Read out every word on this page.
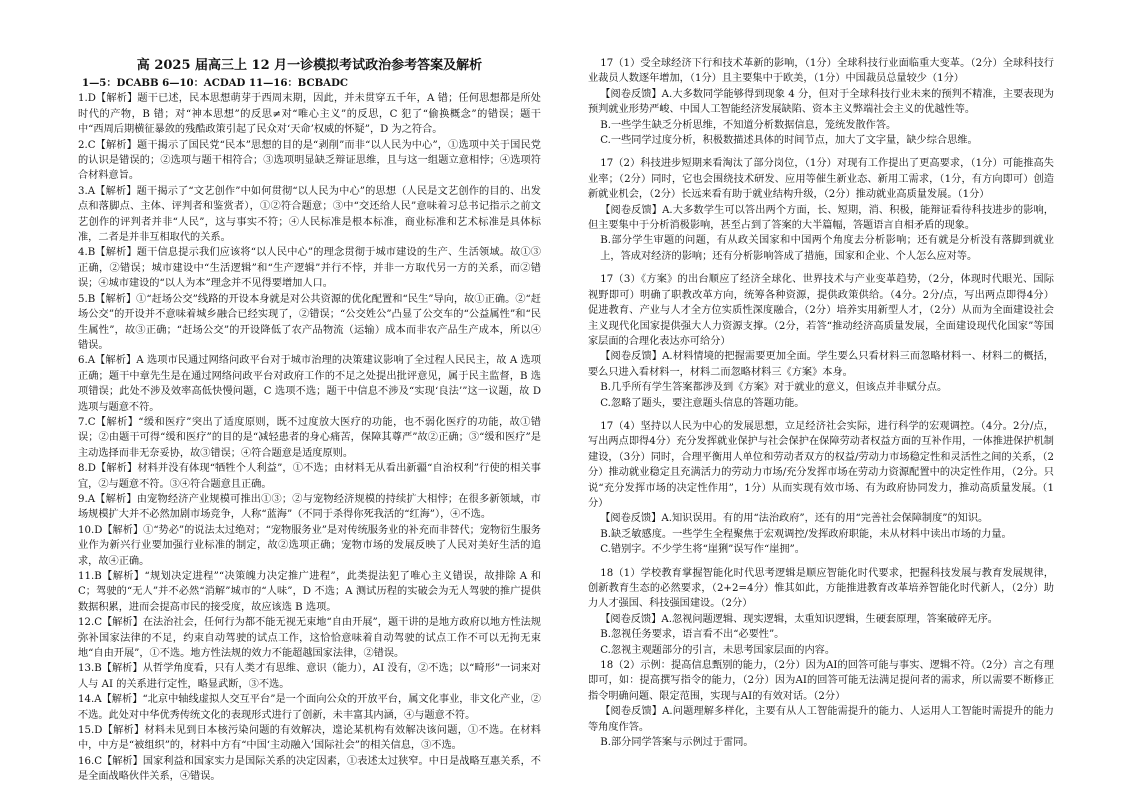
高 2025 届高三上 12 月一诊模拟考试政治参考答案及解析

1—5：DCABB 6—10：ACDAD 11—16：BCBADC

1.D【解析】题干已述，民本思想萌芽于西周末期，因此，并未贯穿五千年，A 错；任何思想都是所处时代的产物，B 错；对“神本思想”的反思≠对“唯心主义”的反思，C 犯了“偷换概念”的错误；题干中“西周后期横征暴敛的残酷政策引起了民众对‘天命’权威的怀疑”，D 为之符合。

2.C【解析】题干揭示了国民党“民本”思想的目的是“剥削”而非“以人民为中心”，①选项中关于国民党的认识是错误的；②选项与题干相符合；③选项明显缺乏辩证思维，且与这一组题立意相悖；④选项符合材料意旨。

3.A【解析】题干揭示了“文艺创作”中如何贯彻“以人民为中心”的思想（人民是文艺创作的目的、出发点和落脚点、主体、评判者和鉴赏者），①②符合题意；③中“交还给人民”意味着习总书记指示之前文艺创作的评判者并非“人民”，这与事实不符；④人民标准是根本标准，商业标准和艺术标准是具体标准，二者是并非互相取代的关系。

4.B【解析】题干信息提示我们应该将“以人民中心”的理念贯彻于城市建设的生产、生活领域。故①③正确，②错误；城市建设中“生活逻辑”和“生产逻辑”并行不悖，并非一方取代另一方的关系，而②错误；④城市建设的“以人为本”理念并不见得要增加人口。

5.B【解析】①“赶场公交”线路的开设本身就是对公共资源的优化配置和“民生”导向，故①正确。②“赶场公交”的开设并不意味着城乡融合已经实现了，②错误；“公交姓公”凸显了公交车的“公益属性”和“民生属性”，故③正确；“赶场公交”的开设降低了农产品物流（运输）成本而非农产品生产成本，所以④错误。

6.A【解析】A 选项市民通过网络问政平台对于城市治理的决策建议影响了全过程人民民主，故 A 选项正确；题干中章先生是在通过网络问政平台对政府工作的不足之处提出批评意见，属于民主监督，B 选项错误；此处不涉及效率高低快慢问题，C 选项不选；题干中信息不涉及“实现‘良法’”这一议题，故 D 选项与题意不符。

7.C【解析】“缓和医疗”突出了适度原则，既不过度放大医疗的功能，也不弱化医疗的功能，故①错误；②由题干可得“缓和医疗”的目的是“减轻患者的身心痛苦，保障其尊严”故②正确；③“缓和医疗”是主动选择而非无奈妥协，故③错误；④符合题意是适度原则。

8.D【解析】材料并没有体现“牺牲个人利益”，①不选；由材料无从看出新疆“自治权利”行使的相关事宜，②与题意不符。③④符合题意且正确。

9.A【解析】由宠物经济产业规模可推出①③；②与宠物经济规模的持续扩大相悖；在很多新领域，市场规模扩大并不必然加剧市场竞争，人称“蓝海”（不同于杀得你死我活的“红海”），④不选。

10.D【解析】①“势必”的说法太过绝对；“宠物服务业”是对传统服务业的补充而非替代；宠物衍生服务业作为新兴行业要加强行业标准的制定，故②选项正确；宠物市场的发展反映了人民对美好生活的追求，故④正确。

11.B【解析】“规划决定进程”“决策魄力决定推广进程”，此类提法犯了唯心主义错误，故排除 A 和 C；驾驶的“无人”并不必然“消解”城市的“人味”，D 不选；A 测试历程的实破会为无人驾驶的推广提供数据积累，进而会提高市民的接受度，故应该选 B 选项。

12.C【解析】在法治社会，任何行为都不能无视无束地“自由开展”，题干讲的是地方政府以地方性法规弥补国家法律的不足，约束自动驾驶的试点工作，这恰恰意味着自动驾驶的试点工作不可以无拘无束地“自由开展”，①不选。地方性法规的效力不能超越国家法律，②错误。

13.B【解析】从哲学角度看，只有人类才有思维、意识（能力），AI 没有，②不选；以“畸形”一词来对人与 AI 的关系进行定性，略显武断，③不选。

14.A【解析】“北京中轴线虚拟人交互平台”是一个面向公众的开放平台，属文化事业，非文化产业，②不选。此处对中华优秀传统文化的表现形式进行了创新，未丰富其内涵，④与题意不符。

15.D【解析】材料未见到日本核污染问题的有效解决，遑论某机构有效解决该问题，①不选。在材料中，中方是“被组织”的，材料中方有“中国‘主动融入’国际社会”的相关信息，③不选。

16.C【解析】国家利益和国家实力是国际关系的决定因素，①表述太过狭窄。中日是战略互惠关系，不是全面战略伙伴关系，④错误。

17（1）受全球经济下行和技术革新的影响，（1分）全球科技行业面临重大变革。（2分）全球科技行业裁员人数逐年增加，（1分）且主要集中于欧美，（1分）中国裁员总量较少（1分）

【阅卷反馈】A.大多数同学能够得到现象 4 分，但对于全球科技行业未来的预判不精准，主要表现为预判就业形势严峻、中国人工智能经济发展缺陷、资本主义弊端社会主义的优越性等。

B.一些学生缺乏分析思维，不知道分析数据信息，笼统发散作答。

C.一些同学过度分析，积极数描述具体的时间节点，加大了文字量，缺少综合思维。

17（2）科技进步短期来看淘汰了部分岗位，（1分）对现有工作提出了更高要求，（1分）可能推高失业率；（2分）同时，它也会围绕技术研发、应用等催生新业态、新用工需求，（1分，有方向即可）创造新就业机会，（2分）长远来看有助于就业结构升级，（2分）推动就业高质量发展。（1分）

【阅卷反馈】A.大多数学生可以答出两个方面，长、短期，消、积极，能辩证看待科技进步的影响，但主要集中于分析消极影响，甚至占到了答案的大半篇幅，答题语言自相矛盾的现象。

B.部分学生审题的问题，有从政关国家和中国两个角度去分析影响；还有就是分析没有落脚到就业上，答成对经济的影响；还有分析影响答成了措施，国家和企业、个人怎么应对等。

17（3）《方案》的出台顺应了经济全球化、世界技术与产业变革趋势，（2分，体现时代眼光、国际视野即可）明确了职教改革方向，统筹各种资源，提供政策供给。（4分。2分/点，写出两点即得4分）促进教育、产业与人才全方位实质性深度融合，（2分）培养实用新型人才，（2分）从而为全面建设社会主义现代化国家提供强大人力资源支撑。（2分，若答“推动经济高质量发展，全面建设现代化国家”等国家层面的合理化表达亦可给分）

【阅卷反馈】A.材料情境的把握需要更加全面。学生要么只看材料三而忽略材料一、材料二的概括，要么只进入看材料一，材料二而忽略材料三《方案》本身。

B.几乎所有学生答案都涉及到《方案》对于就业的意义，但该点并非赋分点。

C.忽略了题头，要注意题头信息的答题功能。

17（4）坚持以人民为中心的发展思想，立足经济社会实际，进行科学的宏观调控。（4分。2分/点，写出两点即得4分）充分发挥就业保护与社会保护在保障劳动者权益方面的互补作用，一体推进保护机制建设，（3分）同时，合理平衡用人单位和劳动者双方的权益/劳动力市场稳定性和灵活性之间的关系，（2分）推动就业稳定且充满活力的劳动力市场/充分发挥市场在劳动力资源配置中的决定性作用，（2分。只说“充分发挥市场的决定性作用”，1分）从而实现有效市场、有为政府协同发力，推动高质量发展。（1分）

【阅卷反馈】A.知识误用。有的用“法治政府”，还有的用“完善社会保障制度”的知识。

B.缺乏敏感度。一些学生全程聚焦于宏观调控/发挥政府职能，未从材料中读出市场的力量。

C.错别字。不少学生将“崖猁”误写作“崖拥”。

18（1）学校教育掌握智能化时代思考逻辑是顺应智能化时代要求，把握科技发展与教育发展规律，创新教育生态的必然要求，（2+2=4分）惟其如此，方能推进教育改革培养智能化时代新人，（2分）助力人才强国、科技强国建设。（2分）

【阅卷反馈】A.忽视问题逻辑、现实逻辑，太重知识逻辑，生硬套原理，答案破碎无序。

B.忽视任务要求，语言看不出“必要性”。

C.忽视主观题部分的引言，未思考国家层面的内容。

18（2）示例：提高信息甄别的能力，（2分）因为AI的回答可能与事实、逻辑不符。（2分）言之有理即可，如：提高撰写指令的能力，（2分）因为AI的回答可能无法满足提问者的需求，所以需要不断修正指令明确问题、限定范围，实现与AI的有效对话。（2分）

【阅卷反馈】A.问题理解多样化，主要有从人工智能需提升的能力、人运用人工智能时需提升的能力等角度作答。

B.部分同学答案与示例过于雷同。
